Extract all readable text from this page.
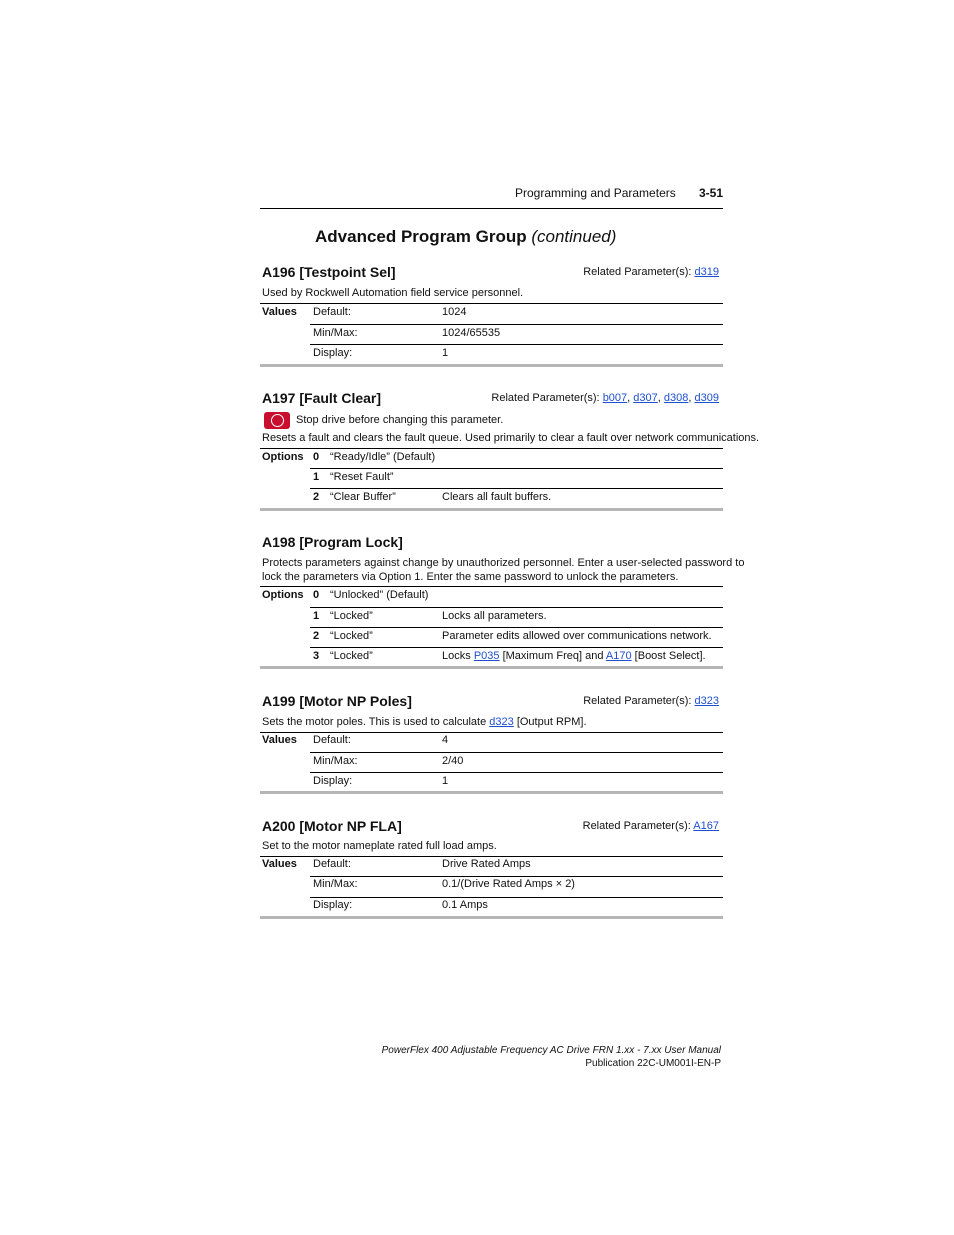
Programming and Parameters 3-51
Advanced Program Group (continued)
A196 [Testpoint Sel]	Related Parameter(s): d319
Used by Rockwell Automation field service personnel.
Values Default:	1024
Min/Max:	1024/65535
Display:	1
A197 [Fault Clear]	Related Parameter(s): b007, d307, d308, d309
Stop drive before changing this parameter.
Resets a fault and clears the fault queue. Used primarily to clear a fault over network communications.
Options 0 “Ready/Idle” (Default)
1 “Reset Fault”
2 “Clear Buffer”	Clears all fault buffers.
A198 [Program Lock]
Protects parameters against change by unauthorized personnel. Enter a user-selected password to
lock the parameters via Option 1. Enter the same password to unlock the parameters.
Options 0 “Unlocked” (Default)
1 “Locked”	Locks all parameters.
2 “Locked”	Parameter edits allowed over communications network.
3 “Locked”	Locks P035 [Maximum Freq] and A170 [Boost Select].
A199 [Motor NP Poles]	Related Parameter(s): d323
Sets the motor poles. This is used to calculate d323 [Output RPM].
Values Default:	4
Min/Max:	2/40
Display:	1
A200 [Motor NP FLA]	Related Parameter(s): A167
Set to the motor nameplate rated full load amps.
Values Default:	Drive Rated Amps
Min/Max:	0.1/(Drive Rated Amps × 2)
Display:	0.1 Amps
PowerFlex 400 Adjustable Frequency AC Drive FRN 1.xx - 7.xx User Manual
Publication 22C-UM001I-EN-P
